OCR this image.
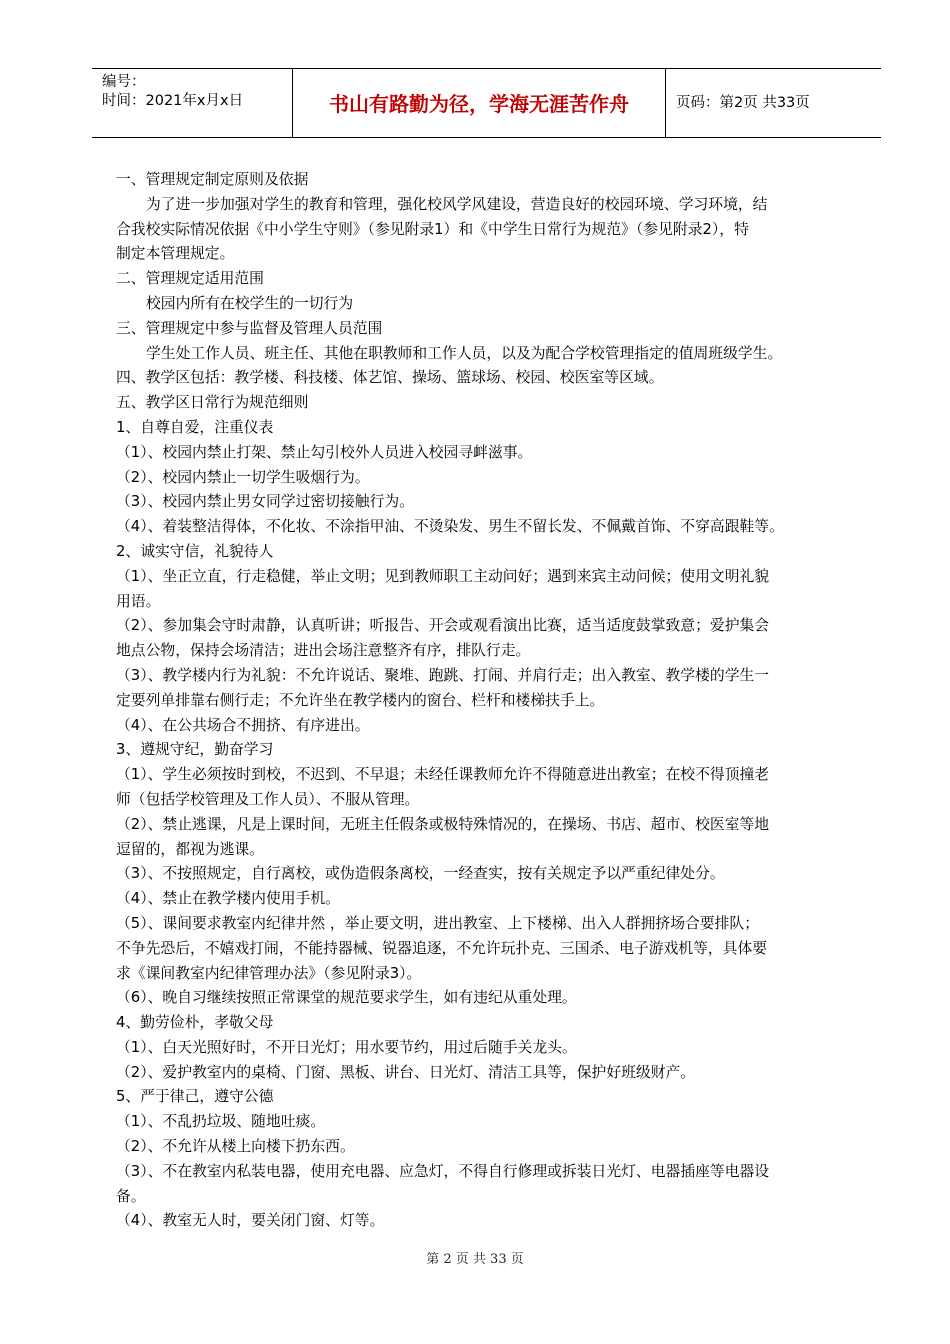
编号：
时间：2021年x月x日	书山有路勤为径，学海无涯苦作舟	页码：第2页 共33页
一、管理规定制定原则及依据
为了进一步加强对学生的教育和管理，强化校风学风建设，营造良好的校园环境、学习环境，结
合我校实际情况依据《中小学生守则》（参见附录1）和《中学生日常行为规范》（参见附录2），特
制定本管理规定。
二、管理规定适用范围
校园内所有在校学生的一切行为
三、管理规定中参与监督及管理人员范围
学生处工作人员、班主任、其他在职教师和工作人员，以及为配合学校管理指定的值周班级学生。
四、教学区包括：教学楼、科技楼、体艺馆、操场、篮球场、校园、校医室等区域。
五、教学区日常行为规范细则
1、自尊自爱，注重仪表
（1）、校园内禁止打架、禁止勾引校外人员进入校园寻衅滋事。
（2）、校园内禁止一切学生吸烟行为。
（3）、校园内禁止男女同学过密切接触行为。
（4）、着装整洁得体，不化妆、不涂指甲油、不烫染发、男生不留长发、不佩戴首饰、不穿高跟鞋等。
2、诚实守信，礼貌待人
（1）、坐正立直，行走稳健，举止文明；见到教师职工主动问好；遇到来宾主动问候；使用文明礼貌
用语。
（2）、参加集会守时肃静，认真听讲；听报告、开会或观看演出比赛，适当适度鼓掌致意；爱护集会
地点公物，保持会场清洁；进出会场注意整齐有序，排队行走。
（3）、教学楼内行为礼貌：不允许说话、聚堆、跑跳、打闹、并肩行走；出入教室、教学楼的学生一
定要列单排靠右侧行走；不允许坐在教学楼内的窗台、栏杆和楼梯扶手上。
（4）、在公共场合不拥挤、有序进出。
3、遵规守纪，勤奋学习
（1）、学生必须按时到校，不迟到、不早退；未经任课教师允许不得随意进出教室；在校不得顶撞老
师（包括学校管理及工作人员）、不服从管理。
（2）、禁止逃课，凡是上课时间，无班主任假条或极特殊情况的，在操场、书店、超市、校医室等地
逗留的，都视为逃课。
（3）、不按照规定，自行离校，或伪造假条离校，一经查实，按有关规定予以严重纪律处分。
（4）、禁止在教学楼内使用手机。
（5）、课间要求教室内纪律井然 ，举止要文明，进出教室、上下楼梯、出入人群拥挤场合要排队；
不争先恐后，不嬉戏打闹，不能持器械、锐器追逐，不允许玩扑克、三国杀、电子游戏机等，具体要
求《课间教室内纪律管理办法》（参见附录3）。
（6）、晚自习继续按照正常课堂的规范要求学生，如有违纪从重处理。
4、勤劳俭朴，孝敬父母
（1）、白天光照好时，不开日光灯；用水要节约，用过后随手关龙头。
（2）、爱护教室内的桌椅、门窗、黑板、讲台、日光灯、清洁工具等，保护好班级财产。
5、严于律己，遵守公德
（1）、不乱扔垃圾、随地吐痰。
（2）、不允许从楼上向楼下扔东西。
（3）、不在教室内私装电器，使用充电器、应急灯，不得自行修理或拆装日光灯、电器插座等电器设
备。
（4）、教室无人时，要关闭门窗、灯等。
第 2 页 共 33 页
